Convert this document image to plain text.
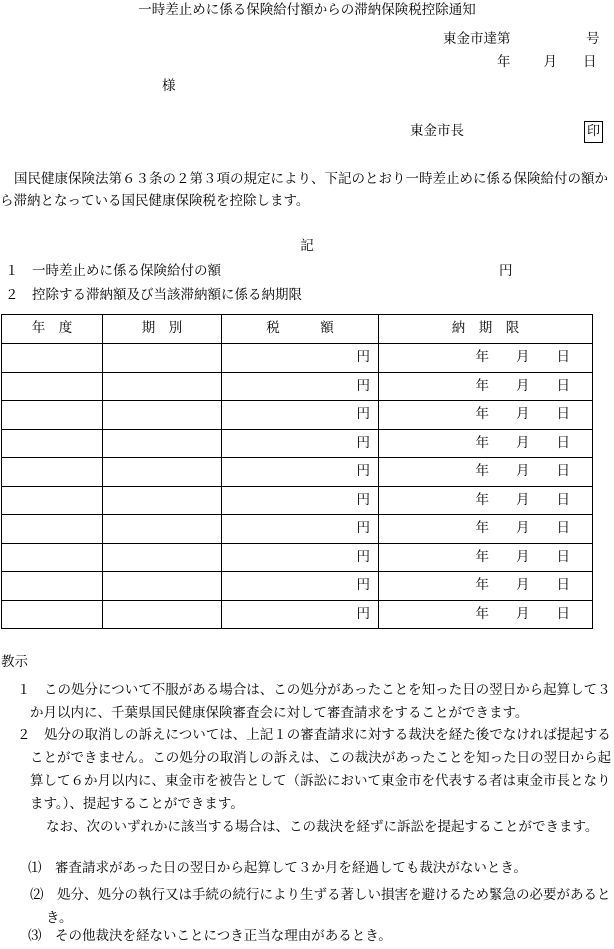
一時差止めに係る保険給付額からの滞納保険税控除通知
東金市達第	号
年 月 日
様
東金市長	印
国民健康保険法第６３条の２第３項の規定により、下記のとおり一時差止めに係る保険給付の額から滞納となっている国民健康保険税を控除します。
記
１　一時差止めに係る保険給付の額	円
２　控除する滞納額及び当該滞納額に係る納期限
年　度	期　別	税　　　額	納　期　限
		円	年　　月　　日
		円	年　　月　　日
		円	年　　月　　日
		円	年　　月　　日
		円	年　　月　　日
		円	年　　月　　日
		円	年　　月　　日
		円	年　　月　　日
		円	年　　月　　日
		円	年　　月　　日
教示
１　この処分について不服がある場合は、この処分があったことを知った日の翌日から起算して３か月以内に、千葉県国民健康保険審査会に対して審査請求をすることができます。
２　処分の取消しの訴えについては、上記１の審査請求に対する裁決を経た後でなければ提起することができません。この処分の取消しの訴えは、この裁決があったことを知った日の翌日から起算して６か月以内に、東金市を被告として（訴訟において東金市を代表する者は東金市長となります。）、提起することができます。
なお、次のいずれかに該当する場合は、この裁決を経ずに訴訟を提起することができます。
⑴　審査請求があった日の翌日から起算して３か月を経過しても裁決がないとき。
⑵　処分、処分の執行又は手続の続行により生ずる著しい損害を避けるため緊急の必要があるとき。
⑶　その他裁決を経ないことにつき正当な理由があるとき。
